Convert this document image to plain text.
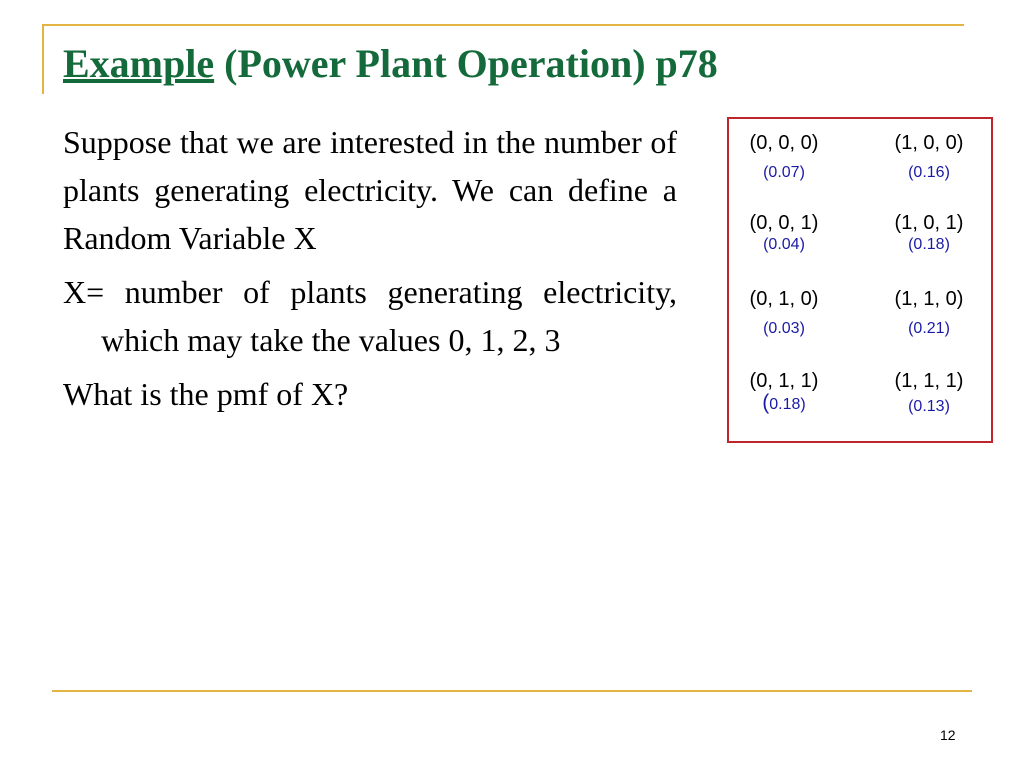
Example (Power Plant Operation) p78

Suppose that we are interested in the number of plants generating electricity. We can define a Random Variable X

X= number of plants generating electricity, which may take the values 0, 1, 2, 3

What is the pmf of X?

(0, 0, 0)
(0.07)
(1, 0, 0)
(0.16)
(0, 0, 1)
(0.04)
(1, 0, 1)
(0.18)
(0, 1, 0)
(0.03)
(1, 1, 0)
(0.21)
(0, 1, 1)
(0.18)
(1, 1, 1)
(0.13)
12
